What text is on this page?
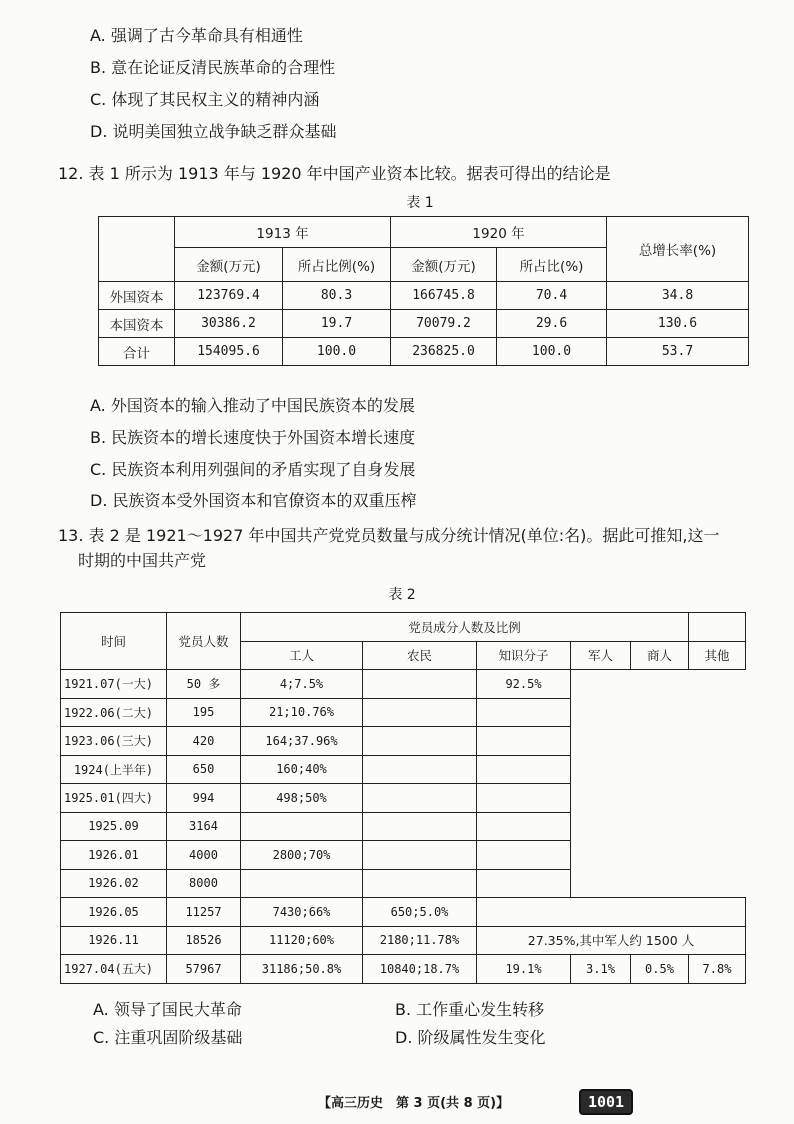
A. 强调了古今革命具有相通性
B. 意在论证反清民族革命的合理性
C. 体现了其民权主义的精神内涵
D. 说明美国独立战争缺乏群众基础
12. 表 1 所示为 1913 年与 1920 年中国产业资本比较。据表可得出的结论是
表 1
	1913 年		1920 年		总增长率(%)
	金额(万元)	所占比例(%)	金额(万元)	所占比(%)	
外国资本	123769.4	80.3	166745.8	70.4	34.8
本国资本	30386.2	19.7	70079.2	29.6	130.6
合计	154095.6	100.0	236825.0	100.0	53.7
A. 外国资本的输入推动了中国民族资本的发展
B. 民族资本的增长速度快于外国资本增长速度
C. 民族资本利用列强间的矛盾实现了自身发展
D. 民族资本受外国资本和官僚资本的双重压榨
13. 表 2 是 1921～1927 年中国共产党党员数量与成分统计情况(单位:名)。据此可推知,这一
时期的中国共产党
表 2
时间	党员人数	党员成分人数及比例					
		工人	农民	知识分子	军人	商人	其他
1921.07(一大)	50 多	4;7.5%		92.5%			
1922.06(二大)	195	21;10.76%					
1923.06(三大)	420	164;37.96%					
1924(上半年)	650	160;40%					
1925.01(四大)	994	498;50%					
1925.09	3164						
1926.01	4000	2800;70%					
1926.02	8000						
1926.05	11257	7430;66%	650;5.0%				
1926.11	18526	11120;60%	2180;11.78%	27.35%,其中军人约 1500 人			
1927.04(五大)	57967	31186;50.8%	10840;18.7%	19.1%	3.1%	0.5%	7.8%
A. 领导了国民大革命	B. 工作重心发生转移
C. 注重巩固阶级基础	D. 阶级属性发生变化
【高三历史　第 3 页(共 8 页)】	1001
